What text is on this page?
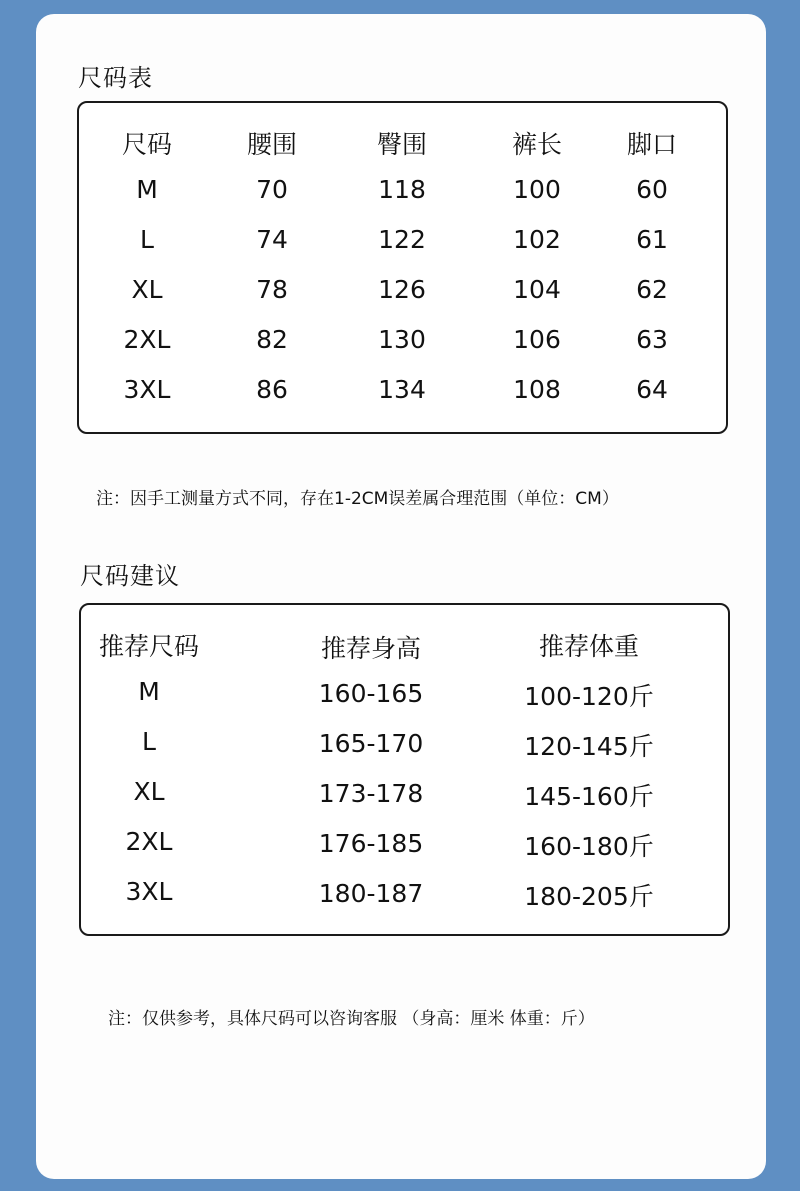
尺码表
尺码	腰围	臀围	裤长	脚口
M	70	118	100	60
L	74	122	102	61
XL	78	126	104	62
2XL	82	130	106	63
3XL	86	134	108	64
注：因手工测量方式不同，存在1-2CM误差属合理范围（单位：CM）
尺码建议
推荐尺码	推荐身高	推荐体重
M	160-165	100-120斤
L	165-170	120-145斤
XL	173-178	145-160斤
2XL	176-185	160-180斤
3XL	180-187	180-205斤
注：仅供参考，具体尺码可以咨询客服 （身高：厘米 体重：斤）
